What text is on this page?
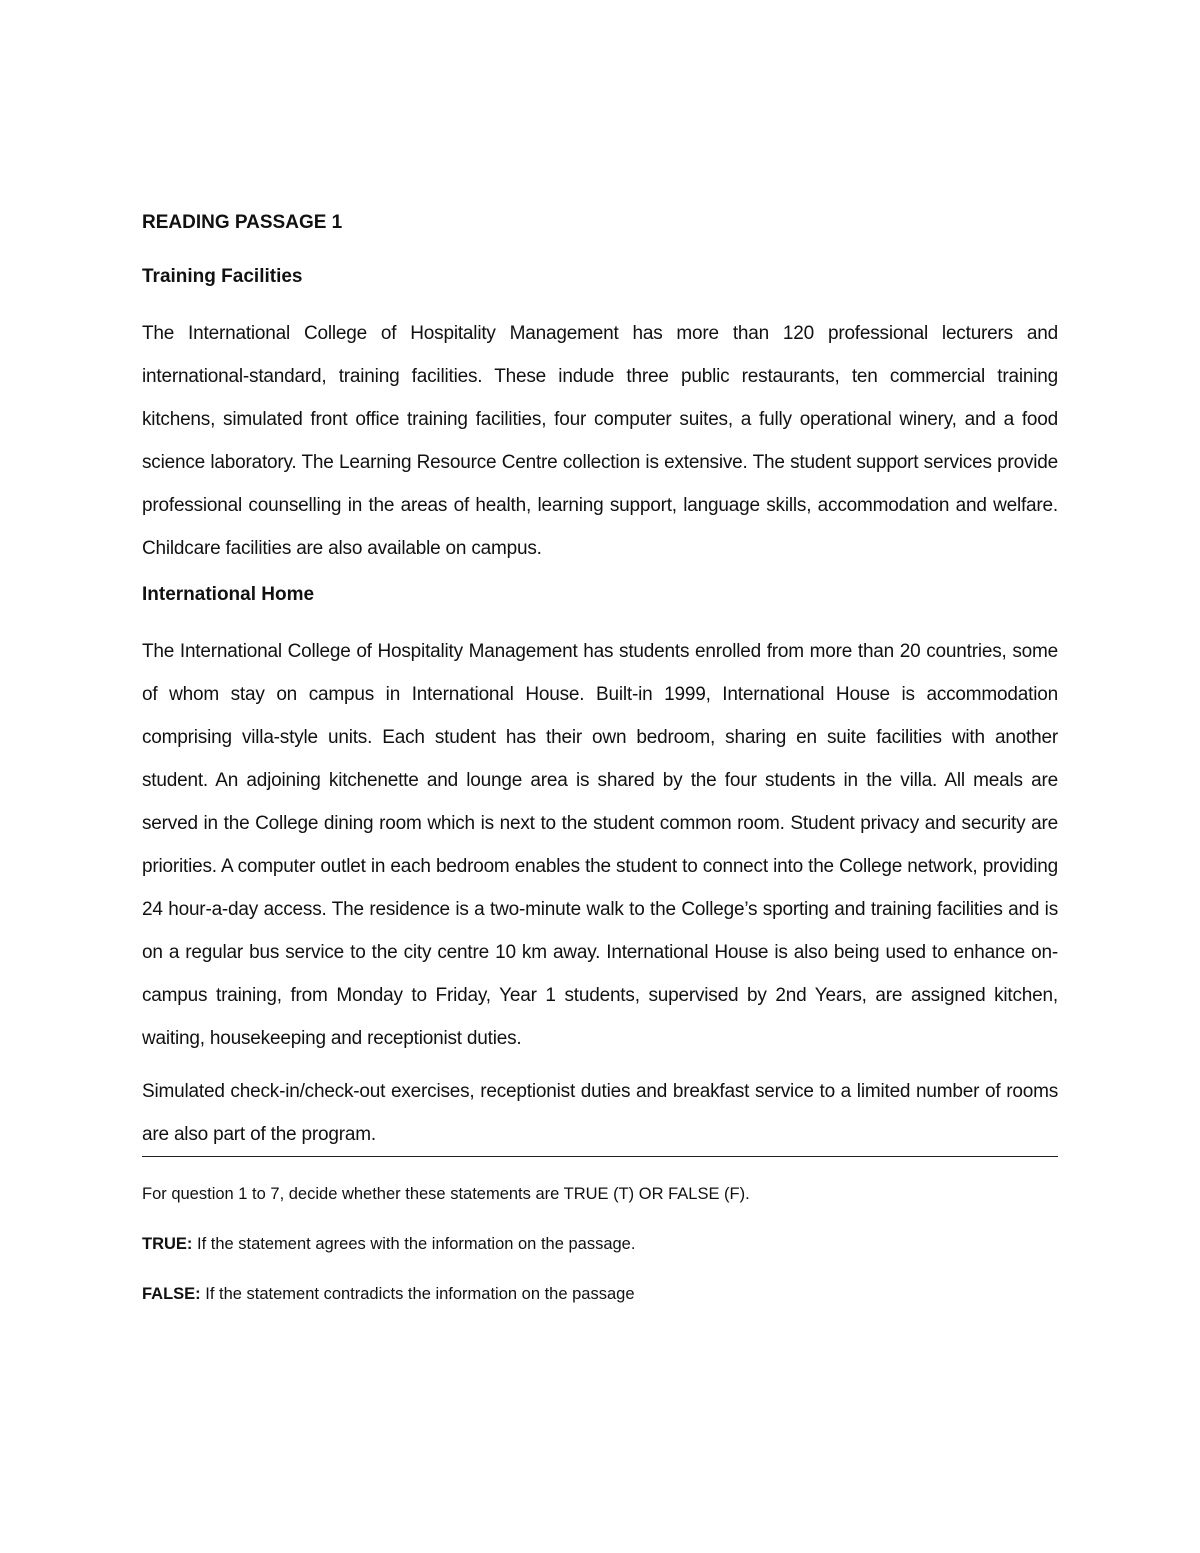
READING PASSAGE 1
Training Facilities

The International College of Hospitality Management has more than 120 professional lecturers and international-standard, training facilities. These indude three public restaurants, ten commercial training kitchens, simulated front office training facilities, four computer suites, a fully operational winery, and a food science laboratory. The Learning Resource Centre collection is extensive. The student support services provide professional counselling in the areas of health, learning support, language skills, accommodation and welfare. Childcare facilities are also available on campus.

International Home

The International College of Hospitality Management has students enrolled from more than 20 countries, some of whom stay on campus in International House. Built-in 1999, International House is accommodation comprising villa-style units. Each student has their own bedroom, sharing en suite facilities with another student. An adjoining kitchenette and lounge area is shared by the four students in the villa. All meals are served in the College dining room which is next to the student common room. Student privacy and security are priorities. A computer outlet in each bedroom enables the student to connect into the College network, providing 24 hour-a-day access. The residence is a two-minute walk to the College’s sporting and training facilities and is on a regular bus service to the city centre 10 km away. International House is also being used to enhance on-campus training, from Monday to Friday, Year 1 students, supervised by 2nd Years, are assigned kitchen, waiting, housekeeping and receptionist duties.

Simulated check-in/check-out exercises, receptionist duties and breakfast service to a limited number of rooms are also part of the program.

For question 1 to 7, decide whether these statements are TRUE (T) OR FALSE (F).
TRUE: If the statement agrees with the information on the passage.
FALSE: If the statement contradicts the information on the passage
